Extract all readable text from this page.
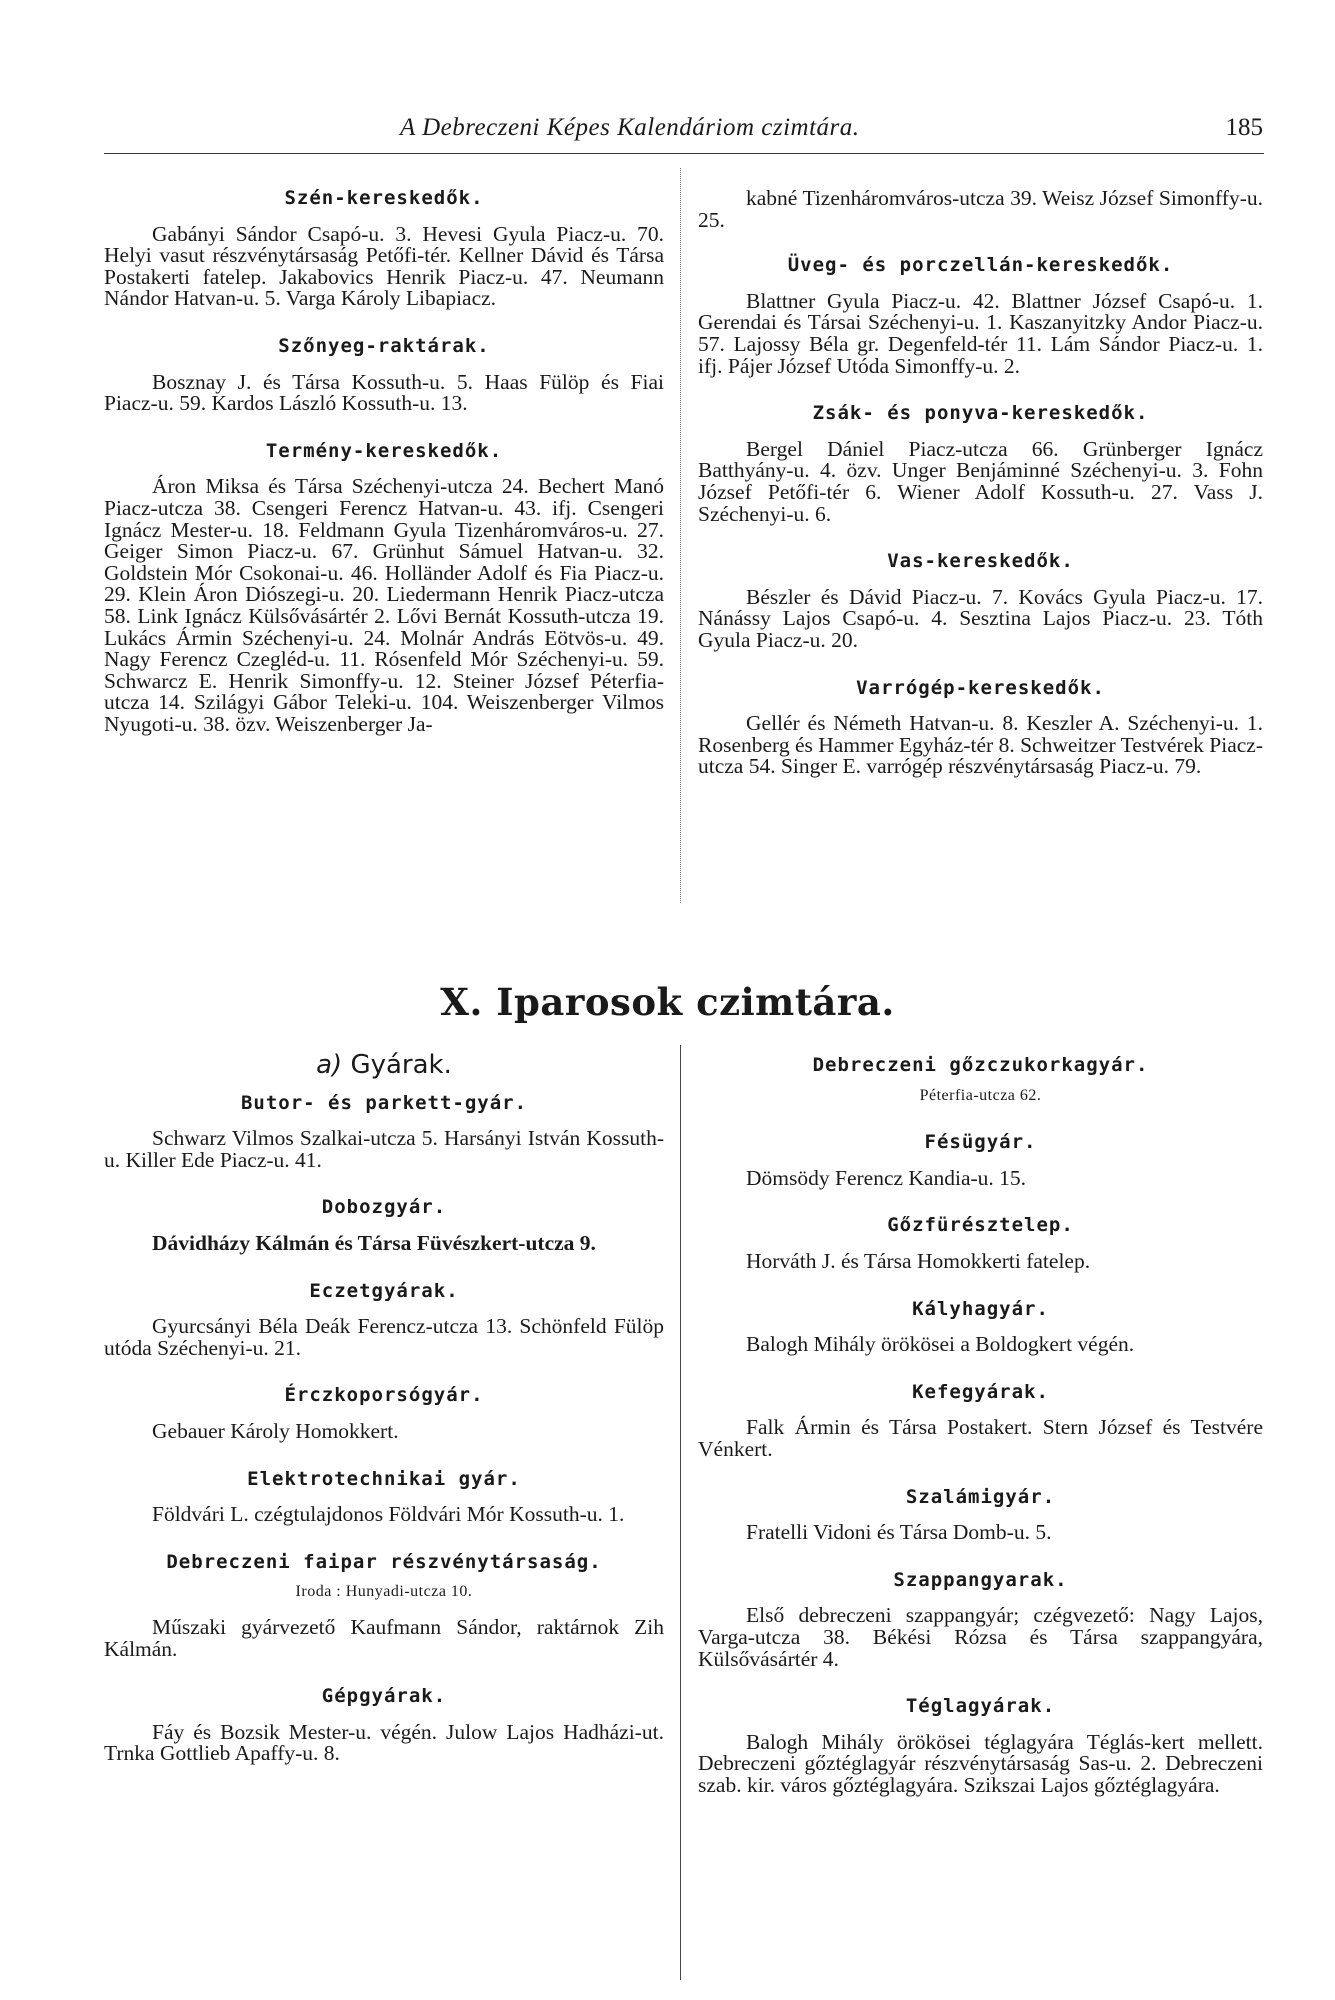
A Debreczeni Képes Kalendáriom czimtára.	185
Szén-kereskedők.

Gabányi Sándor Csapó-u. 3. Hevesi Gyula Piacz-u. 70. Helyi vasut részvénytársaság Petőfi-tér. Kellner Dávid és Társa Postakerti fatelep. Jakabovics Henrik Piacz-u. 47. Neumann Nándor Hatvan-u. 5. Varga Károly Libapiacz.

Szőnyeg-raktárak.

Bosznay J. és Társa Kossuth-u. 5. Haas Fülöp és Fiai Piacz-u. 59. Kardos László Kossuth-u. 13.

Termény-kereskedők.

Áron Miksa és Társa Széchenyi-utcza 24. Bechert Manó Piacz-utcza 38. Csengeri Ferencz Hatvan-u. 43. ifj. Csengeri Ignácz Mester-u. 18. Feldmann Gyula Tizenháromváros-u. 27. Geiger Simon Piacz-u. 67. Grünhut Sámuel Hatvan-u. 32. Goldstein Mór Csokonai-u. 46. Holländer Adolf és Fia Piacz-u. 29. Klein Áron Diószegi-u. 20. Liedermann Henrik Piacz-utcza 58. Link Ignácz Külsővásártér 2. Lővi Bernát Kossuth-utcza 19. Lukács Ármin Széchenyi-u. 24. Molnár András Eötvös-u. 49. Nagy Ferencz Czegléd-u. 11. Rósenfeld Mór Széchenyi-u. 59. Schwarcz E. Henrik Simonffy-u. 12. Steiner József Péterfia-utcza 14. Szilágyi Gábor Teleki-u. 104. Weiszenberger Vilmos Nyugoti-u. 38. özv. Weiszenberger Ja-

kabné Tizenháromváros-utcza 39. Weisz József Simonffy-u. 25.

Üveg- és porczellán-kereskedők.

Blattner Gyula Piacz-u. 42. Blattner József Csapó-u. 1. Gerendai és Társai Széchenyi-u. 1. Kaszanyitzky Andor Piacz-u. 57. Lajossy Béla gr. Degenfeld-tér 11. Lám Sándor Piacz-u. 1. ifj. Pájer József Utóda Simonffy-u. 2.

Zsák- és ponyva-kereskedők.

Bergel Dániel Piacz-utcza 66. Grünberger Ignácz Batthyány-u. 4. özv. Unger Benjáminné Széchenyi-u. 3. Fohn József Petőfi-tér 6. Wiener Adolf Kossuth-u. 27. Vass J. Széchenyi-u. 6.

Vas-kereskedők.

Bészler és Dávid Piacz-u. 7. Kovács Gyula Piacz-u. 17. Nánássy Lajos Csapó-u. 4. Sesztina Lajos Piacz-u. 23. Tóth Gyula Piacz-u. 20.

Varrógép-kereskedők.

Gellér és Németh Hatvan-u. 8. Keszler A. Széchenyi-u. 1. Rosenberg és Hammer Egyház-tér 8. Schweitzer Testvérek Piacz-utcza 54. Singer E. varrógép részvénytársaság Piacz-u. 79.

X. Iparosok czimtára.
a) Gyárak.
Butor- és parkett-gyár.

Schwarz Vilmos Szalkai-utcza 5. Harsányi István Kossuth-u. Killer Ede Piacz-u. 41.

Dobozgyár.

Dávidházy Kálmán és Társa Füvészkert-utcza 9.

Eczetgyárak.

Gyurcsányi Béla Deák Ferencz-utcza 13. Schönfeld Fülöp utóda Széchenyi-u. 21.

Érczkoporsógyár.

Gebauer Károly Homokkert.

Elektrotechnikai gyár.

Földvári L. czégtulajdonos Földvári Mór Kossuth-u. 1.

Debreczeni faipar részvénytársaság.
Iroda : Hunyadi-utcza 10.

Műszaki gyárvezető Kaufmann Sándor, raktárnok Zih Kálmán.

Gépgyárak.

Fáy és Bozsik Mester-u. végén. Julow Lajos Hadházi-ut. Trnka Gottlieb Apaffy-u. 8.

Debreczeni gőzczukorkagyár.
Péterfia-utcza 62.
Fésügyár.

Dömsödy Ferencz Kandia-u. 15.

Gőzfürésztelep.

Horváth J. és Társa Homokkerti fatelep.

Kályhagyár.

Balogh Mihály örökösei a Boldogkert végén.

Kefegyárak.

Falk Ármin és Társa Postakert. Stern József és Testvére Vénkert.

Szalámigyár.

Fratelli Vidoni és Társa Domb-u. 5.

Szappangyarak.

Első debreczeni szappangyár; czégvezető: Nagy Lajos, Varga-utcza 38. Békési Rózsa és Társa szappangyára, Külsővásártér 4.

Téglagyárak.

Balogh Mihály örökösei téglagyára Téglás-kert mellett. Debreczeni gőztéglagyár részvénytársaság Sas-u. 2. Debreczeni szab. kir. város gőztéglagyára. Szikszai Lajos gőztéglagyára.
